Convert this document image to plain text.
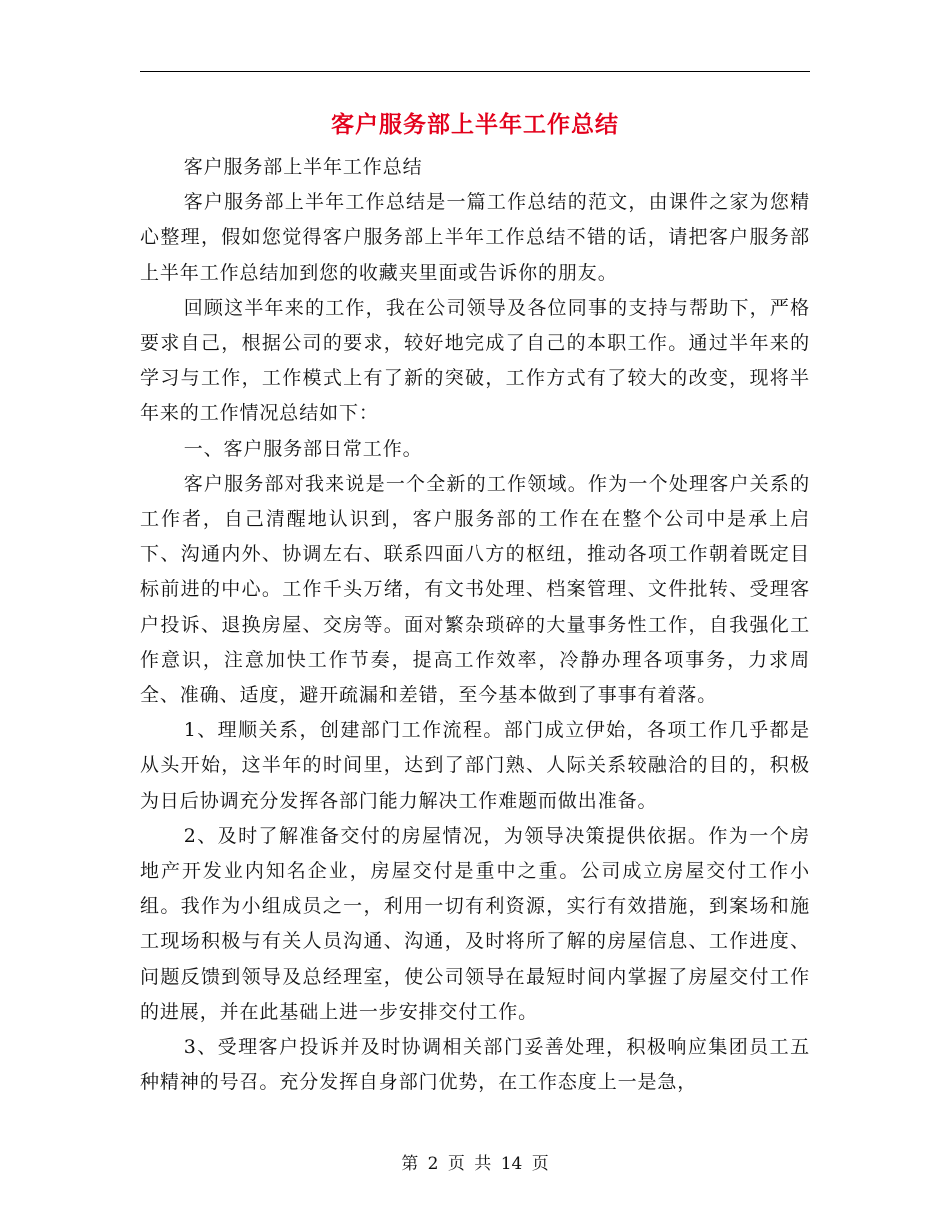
客户服务部上半年工作总结

客户服务部上半年工作总结

客户服务部上半年工作总结是一篇工作总结的范文，由课件之家为您精心整理，假如您觉得客户服务部上半年工作总结不错的话，请把客户服务部上半年工作总结加到您的收藏夹里面或告诉你的朋友。

回顾这半年来的工作，我在公司领导及各位同事的支持与帮助下，严格要求自己，根据公司的要求，较好地完成了自己的本职工作。通过半年来的学习与工作，工作模式上有了新的突破，工作方式有了较大的改变，现将半年来的工作情况总结如下：

一、客户服务部日常工作。

客户服务部对我来说是一个全新的工作领域。作为一个处理客户关系的工作者，自己清醒地认识到，客户服务部的工作在在整个公司中是承上启下、沟通内外、协调左右、联系四面八方的枢纽，推动各项工作朝着既定目标前进的中心。工作千头万绪，有文书处理、档案管理、文件批转、受理客户投诉、退换房屋、交房等。面对繁杂琐碎的大量事务性工作，自我强化工作意识，注意加快工作节奏，提高工作效率，冷静办理各项事务，力求周全、准确、适度，避开疏漏和差错，至今基本做到了事事有着落。

1、理顺关系，创建部门工作流程。部门成立伊始，各项工作几乎都是从头开始，这半年的时间里，达到了部门熟、人际关系较融洽的目的，积极为日后协调充分发挥各部门能力解决工作难题而做出准备。

2、及时了解准备交付的房屋情况，为领导决策提供依据。作为一个房地产开发业内知名企业，房屋交付是重中之重。公司成立房屋交付工作小组。我作为小组成员之一，利用一切有利资源，实行有效措施，到案场和施工现场积极与有关人员沟通、沟通，及时将所了解的房屋信息、工作进度、问题反馈到领导及总经理室，使公司领导在最短时间内掌握了房屋交付工作的进展，并在此基础上进一步安排交付工作。

3、受理客户投诉并及时协调相关部门妥善处理，积极响应集团员工五种精神的号召。充分发挥自身部门优势，在工作态度上一是急，

第 2 页 共 14 页
